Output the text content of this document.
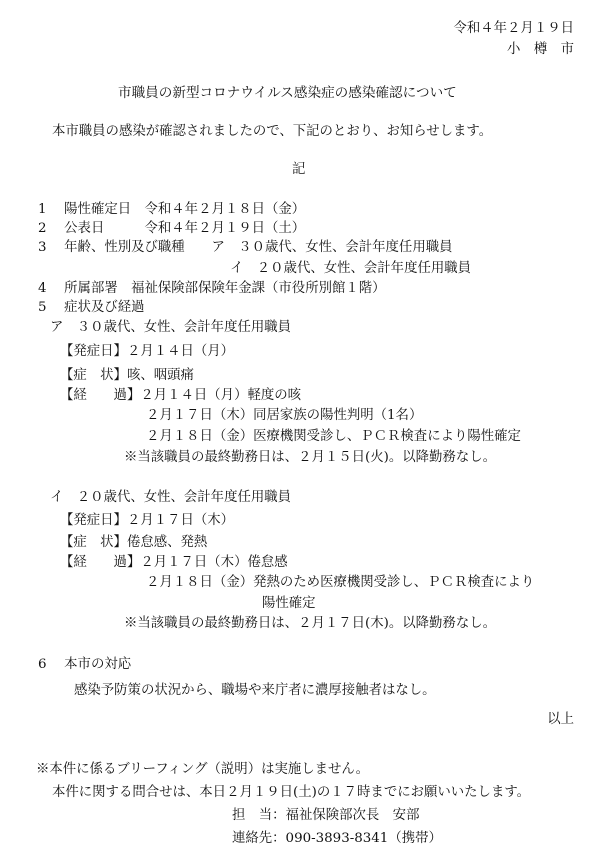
令和４年２月１９日
小　樽　市
市職員の新型コロナウイルス感染症の感染確認について
本市職員の感染が確認されましたので、下記のとおり、お知らせします。
記
1　 陽性確定日　令和４年２月１８日（金）
2　 公表日　　　令和４年２月１９日（土）
3　 年齢、性別及び職種　　ア　３０歳代、女性、会計年度任用職員
イ　２０歳代、女性、会計年度任用職員
4　 所属部署　福祉保険部保険年金課（市役所別館１階）
5　 症状及び経過
ア　３０歳代、女性、会計年度任用職員
【発症日】２月１４日（月）
【症　状】咳、咽頭痛
【経　　過】２月１４日（月）軽度の咳
２月１７日（木）同居家族の陽性判明（1名）
２月１８日（金）医療機関受診し、ＰＣＲ検査により陽性確定
※当該職員の最終勤務日は、２月１５日(火)。以降勤務なし。
イ　２０歳代、女性、会計年度任用職員
【発症日】２月１７日（木）
【症　状】倦怠感、発熱
【経　　過】２月１７日（木）倦怠感
２月１８日（金）発熱のため医療機関受診し、ＰＣＲ検査により
陽性確定
※当該職員の最終勤務日は、２月１７日(木)。以降勤務なし。
6　 本市の対応
感染予防策の状況から、職場や来庁者に濃厚接触者はなし。
以上
※本件に係るブリーフィング（説明）は実施しません。
本件に関する問合せは、本日２月１９日(土)の１７時までにお願いいたします。
担　当：福祉保険部次長　安部
連絡先：090-3893-8341（携帯）
